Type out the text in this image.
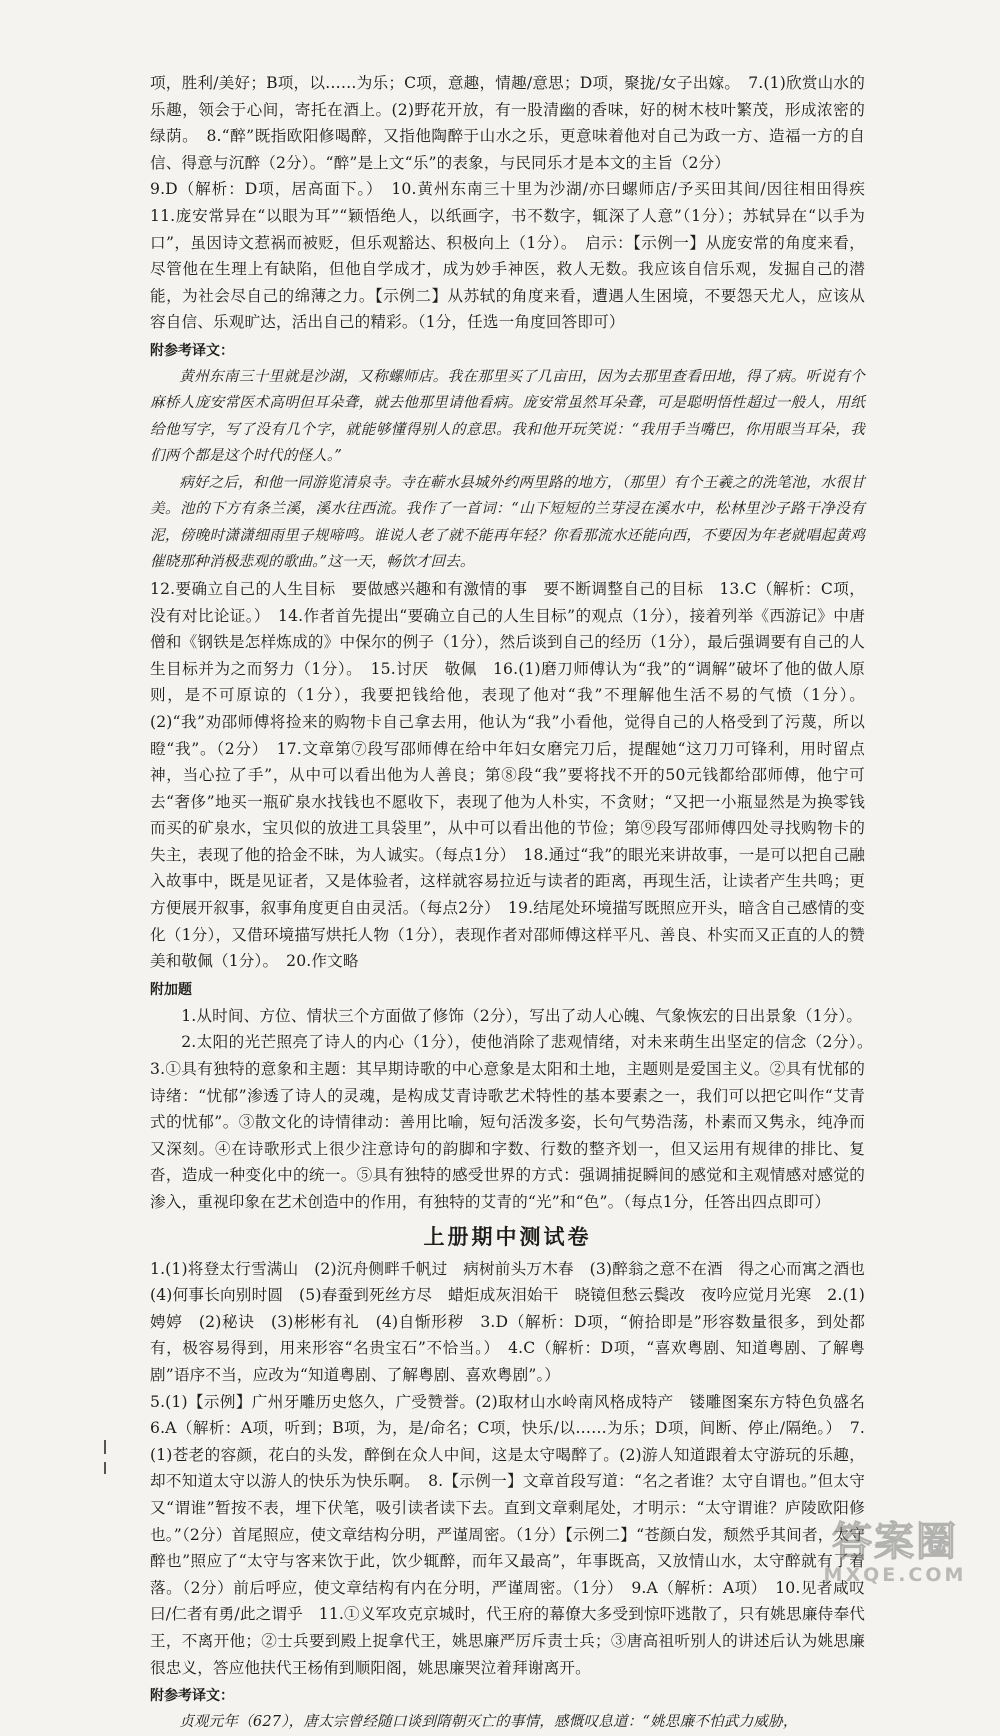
项，胜利/美好；B项，以……为乐；C项，意趣，情趣/意思；D项，聚拢/女子出嫁。　7.(1)欣赏山水的乐趣，领会于心间，寄托在酒上。(2)野花开放，有一股清幽的香味，好的树木枝叶繁茂，形成浓密的绿荫。　8.“醉”既指欧阳修喝醉，又指他陶醉于山水之乐，更意味着他对自己为政一方、造福一方的自信、得意与沉醉（2分）。“醉”是上文“乐”的表象，与民同乐才是本文的主旨（2分）

9.D（解析：D项，居高面下。）　10.黄州东南三十里为沙湖/亦曰螺师店/予买田其间/因往相田得疾　11.庞安常异在“以眼为耳”“颖悟绝人，以纸画字，书不数字，辄深了人意”（1分）；苏轼异在“以手为口”，虽因诗文惹祸而被贬，但乐观豁达、积极向上（1分）。　启示：【示例一】从庞安常的角度来看，尽管他在生理上有缺陷，但他自学成才，成为妙手神医，救人无数。我应该自信乐观，发掘自己的潜能，为社会尽自己的绵薄之力。【示例二】从苏轼的角度来看，遭遇人生困境，不要怨天尤人，应该从容自信、乐观旷达，活出自己的精彩。（1分，任选一角度回答即可）

附参考译文：

黄州东南三十里就是沙湖，又称螺师店。我在那里买了几亩田，因为去那里查看田地，得了病。听说有个麻桥人庞安常医术高明但耳朵聋，就去他那里请他看病。庞安常虽然耳朵聋，可是聪明悟性超过一般人，用纸给他写字，写了没有几个字，就能够懂得别人的意思。我和他开玩笑说：“我用手当嘴巴，你用眼当耳朵，我们两个都是这个时代的怪人。”

病好之后，和他一同游览清泉寺。寺在蕲水县城外约两里路的地方，（那里）有个王羲之的洗笔池，水很甘美。池的下方有条兰溪，溪水往西流。我作了一首词：“山下短短的兰芽浸在溪水中，松林里沙子路干净没有泥，傍晚时潇潇细雨里子规啼鸣。谁说人老了就不能再年轻？你看那流水还能向西，不要因为年老就唱起黄鸡催晓那种消极悲观的歌曲。”这一天，畅饮才回去。

12.要确立自己的人生目标　要做感兴趣和有激情的事　要不断调整自己的目标　13.C（解析：C项，没有对比论证。）　14.作者首先提出“要确立自己的人生目标”的观点（1分），接着列举《西游记》中唐僧和《钢铁是怎样炼成的》中保尔的例子（1分），然后谈到自己的经历（1分），最后强调要有自己的人生目标并为之而努力（1分）。　15.讨厌　敬佩　16.(1)磨刀师傅认为“我”的“调解”破坏了他的做人原则，是不可原谅的（1分），我要把钱给他，表现了他对“我”不理解他生活不易的气愤（1分）。(2)“我”劝邵师傅将捡来的购物卡自己拿去用，他认为“我”小看他，觉得自己的人格受到了污蔑，所以瞪“我”。（2分）　17.文章第⑦段写邵师傅在给中年妇女磨完刀后，提醒她“这刀刀可锋利，用时留点神，当心拉了手”，从中可以看出他为人善良；第⑧段“我”要将找不开的50元钱都给邵师傅，他宁可去“奢侈”地买一瓶矿泉水找钱也不愿收下，表现了他为人朴实，不贪财；“又把一小瓶显然是为换零钱而买的矿泉水，宝贝似的放进工具袋里”，从中可以看出他的节俭；第⑨段写邵师傅四处寻找购物卡的失主，表现了他的拾金不昧，为人诚实。（每点1分）　18.通过“我”的眼光来讲故事，一是可以把自己融入故事中，既是见证者，又是体验者，这样就容易拉近与读者的距离，再现生活，让读者产生共鸣；更方便展开叙事，叙事角度更自由灵活。（每点2分）　19.结尾处环境描写既照应开头，暗含自己感情的变化（1分），又借环境描写烘托人物（1分），表现作者对邵师傅这样平凡、善良、朴实而又正直的人的赞美和敬佩（1分）。　20.作文略

附加题

1.从时间、方位、情状三个方面做了修饰（2分），写出了动人心魄、气象恢宏的日出景象（1分）。

2.太阳的光芒照亮了诗人的内心（1分），使他消除了悲观情绪，对未来萌生出坚定的信念（2分）。　3.①具有独特的意象和主题：其早期诗歌的中心意象是太阳和土地，主题则是爱国主义。②具有忧郁的诗绪：“忧郁”渗透了诗人的灵魂，是构成艾青诗歌艺术特性的基本要素之一，我们可以把它叫作“艾青式的忧郁”。③散文化的诗情律动：善用比喻，短句活泼多姿，长句气势浩荡，朴素而又隽永，纯净而又深刻。④在诗歌形式上很少注意诗句的韵脚和字数、行数的整齐划一，但又运用有规律的排比、复沓，造成一种变化中的统一。⑤具有独特的感受世界的方式：强调捕捉瞬间的感觉和主观情感对感觉的渗入，重视印象在艺术创造中的作用，有独特的艾青的“光”和“色”。（每点1分，任答出四点即可）

上册期中测试卷

1.(1)将登太行雪满山　(2)沉舟侧畔千帆过　病树前头万木春　(3)醉翁之意不在酒　得之心而寓之酒也　(4)何事长向别时圆　(5)春蚕到死丝方尽　蜡炬成灰泪始干　晓镜但愁云鬓改　夜吟应觉月光寒　2.(1)娉婷　(2)秘诀　(3)彬彬有礼　(4)自惭形秽　3.D（解析：D项，“俯拾即是”形容数量很多，到处都有，极容易得到，用来形容“名贵宝石”不恰当。）　4.C（解析：D项，“喜欢粤剧、知道粤剧、了解粤剧”语序不当，应改为“知道粤剧、了解粤剧、喜欢粤剧”。）

5.(1)【示例】广州牙雕历史悠久，广受赞誉。(2)取材山水岭南风格成特产　镂雕图案东方特色负盛名　6.A（解析：A项，听到；B项，为，是/命名；C项，快乐/以……为乐；D项，间断、停止/隔绝。）　7.(1)苍老的容颜，花白的头发，醉倒在众人中间，这是太守喝醉了。(2)游人知道跟着太守游玩的乐趣，却不知道太守以游人的快乐为快乐啊。　8.【示例一】文章首段写道：“名之者谁？太守自谓也。”但太守又“谓谁”暂按不表，埋下伏笔，吸引读者读下去。直到文章剩尾处，才明示：“太守谓谁？庐陵欧阳修也。”（2分）首尾照应，使文章结构分明，严谨周密。（1分）【示例二】“苍颜白发，颓然乎其间者，太守醉也”照应了“太守与客来饮于此，饮少辄醉，而年又最高”，年事既高，又放情山水，太守醉就有了着落。（2分）前后呼应，使文章结构有内在分明，严谨周密。（1分）　9.A（解析：A项）　10.见者咸叹曰/仁者有勇/此之谓乎　11.①义军攻克京城时，代王府的幕僚大多受到惊吓逃散了，只有姚思廉侍奉代王，不离开他；②士兵要到殿上捉拿代王，姚思廉严厉斥责士兵；③唐高祖听别人的讲述后认为姚思廉很忠义，答应他扶代王杨侑到顺阳阁，姚思廉哭泣着拜谢离开。

附参考译文：

贞观元年（627），唐太宗曾经随口谈到隋朝灭亡的事情，感慨叹息道：“姚思廉不怕武力威胁，

答案圈
MXQE.COM
